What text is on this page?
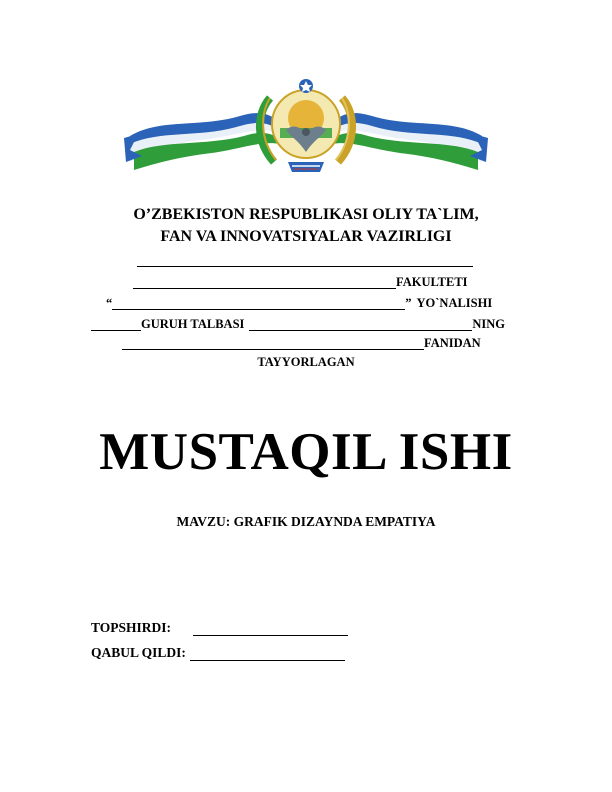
O’ZBEKISTON RESPUBLIKASI OLIY TA`LIM,
FAN VA INNOVATSIYALAR VAZIRLIGI
FAKULTETI
“	” YO`NALISHI
GURUH TALBASI	NING
FANIDAN
TAYYORLAGAN
MUSTAQIL ISHI
MAVZU: GRAFIK DIZAYNDA EMPATIYA
TOPSHIRDI:
QABUL QILDI:
